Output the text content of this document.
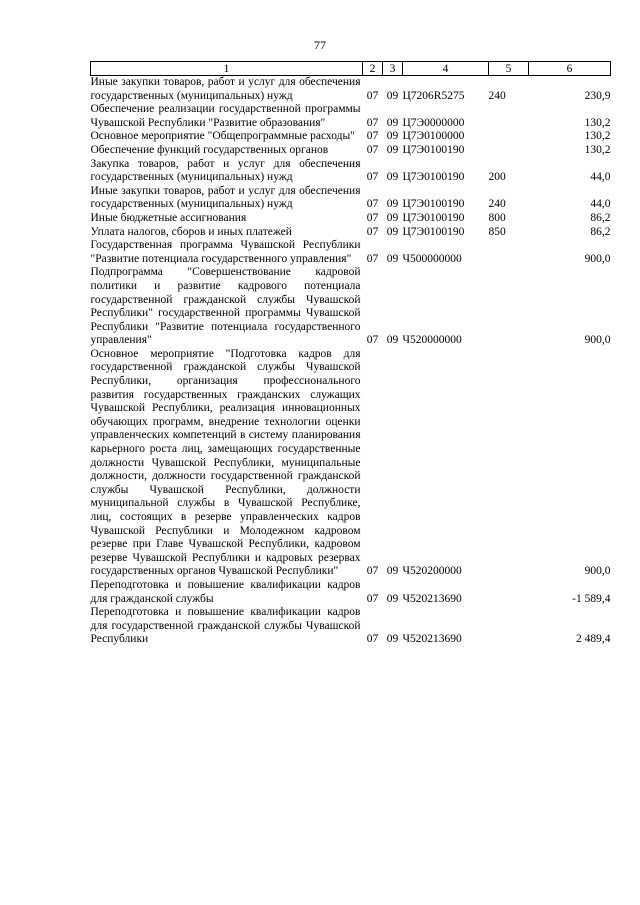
77
1	2	3	4	5	6
Иные закупки товаров, работ и услуг для обеспечения государственных (муниципальных) нужд	07	09	Ц7206R5275	240	230,9
Обеспечение реализации государственной программы Чувашской Республики "Развитие образования"	07	09	Ц7Э0000000		130,2
Основное мероприятие "Общепрограммные расходы"	07	09	Ц7Э0100000		130,2
Обеспечение функций государственных органов	07	09	Ц7Э0100190		130,2
Закупка товаров, работ и услуг для обеспечения государственных (муниципальных) нужд	07	09	Ц7Э0100190	200	44,0
Иные закупки товаров, работ и услуг для обеспечения государственных (муниципальных) нужд	07	09	Ц7Э0100190	240	44,0
Иные бюджетные ассигнования	07	09	Ц7Э0100190	800	86,2
Уплата налогов, сборов и иных платежей	07	09	Ц7Э0100190	850	86,2
Государственная программа Чувашской Республики "Развитие потенциала государственного управления"	07	09	Ч500000000		900,0
Подпрограмма "Совершенствование кадровой политики и развитие кадрового потенциала государственной гражданской службы Чувашской Республики" государственной программы Чувашской Республики "Развитие потенциала государственного управления"	07	09	Ч520000000		900,0
Основное мероприятие "Подготовка кадров для государственной гражданской службы Чувашской Республики, организация профессионального развития государственных гражданских служащих Чувашской Республики, реализация инновационных обучающих программ, внедрение технологии оценки управленческих компетенций в систему планирования карьерного роста лиц, замещающих государственные должности Чувашской Республики, муниципальные должности, должности государственной гражданской службы Чувашской Республики, должности муниципальной службы в Чувашской Республике, лиц, состоящих в резерве управленческих кадров Чувашской Республики и Молодежном кадровом резерве при Главе Чувашской Республики, кадровом резерве Чувашской Республики и кадровых резервах государственных органов Чувашской Республики"	07	09	Ч520200000		900,0
Переподготовка и повышение квалификации кадров для гражданской службы	07	09	Ч520213690		-1 589,4
Переподготовка и повышение квалификации кадров для государственной гражданской службы Чувашской Республики	07	09	Ч520213690		2 489,4
